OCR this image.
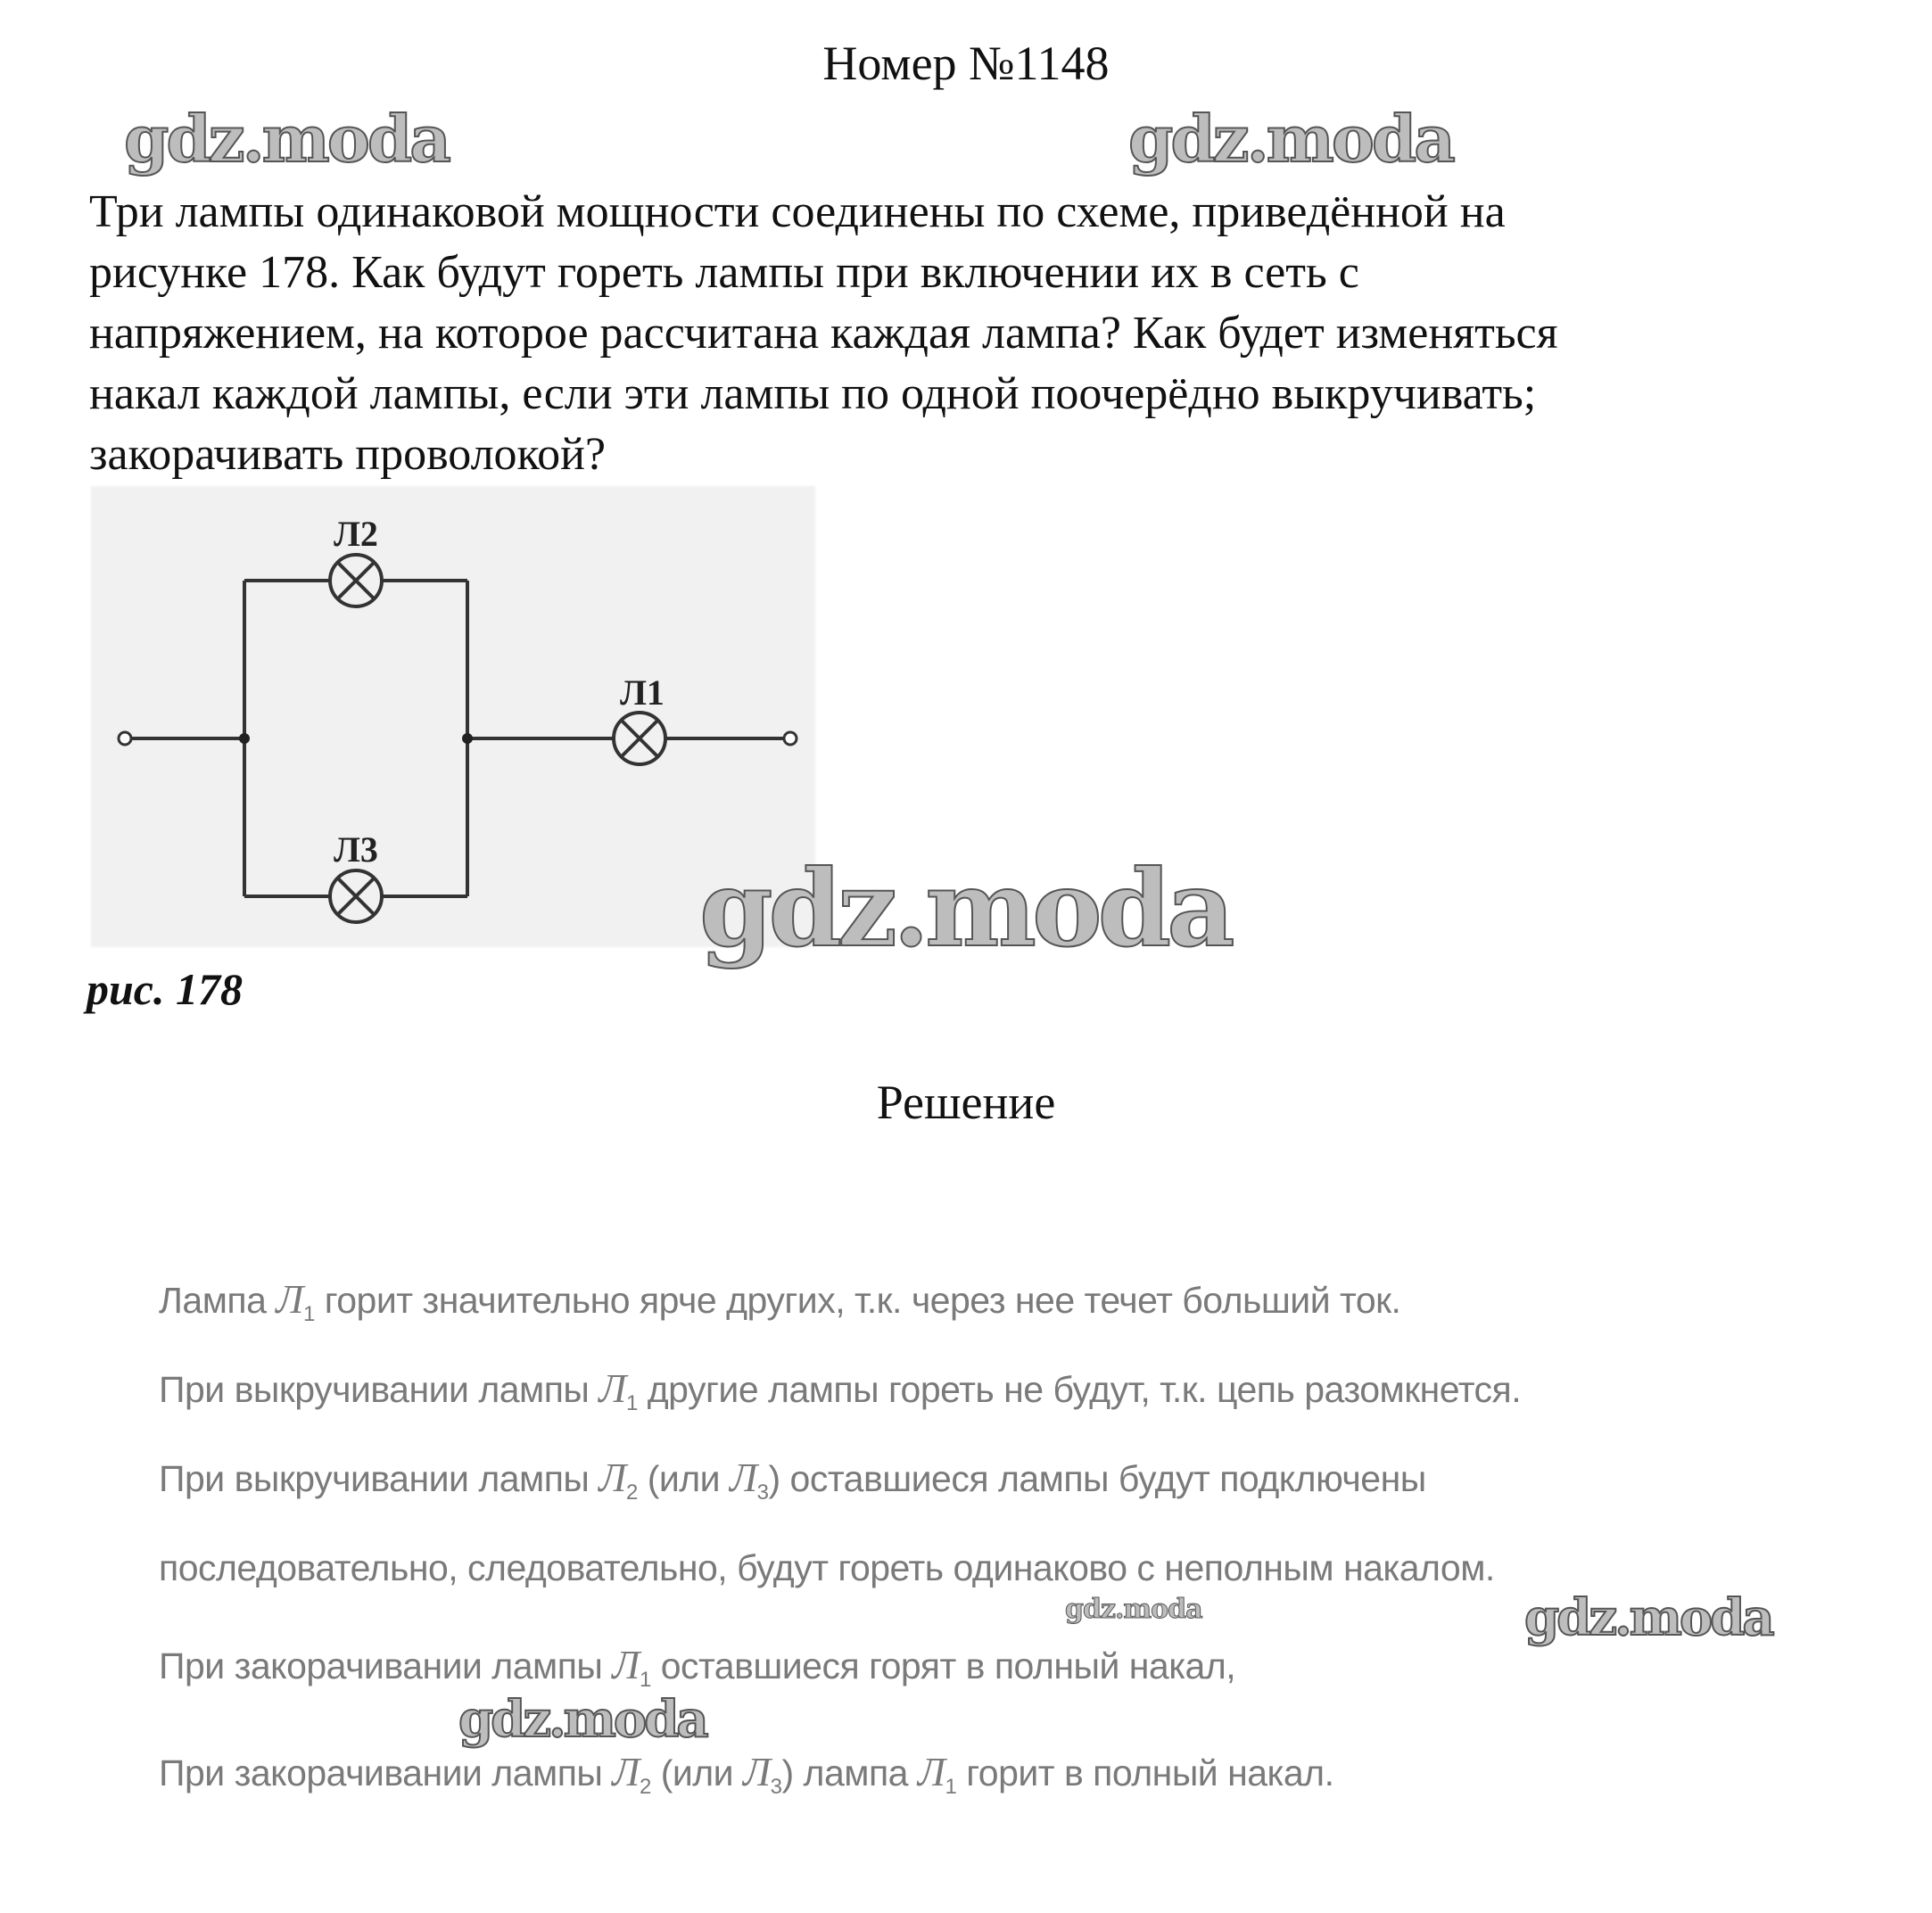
Номер №1148
Три лампы одинаковой мощности соединены по схеме, приведённой на
рисунке 178. Как будут гореть лампы при включении их в сеть с
напряжением, на которое рассчитана каждая лампа? Как будет изменяться
накал каждой лампы, если эти лампы по одной поочерёдно выкручивать;
закорачивать проволокой?
Л2
Л1
Л3
рис. 178
Решение
Лампа $Л_1$ горит значительно ярче других, т.к. через нее течет больший ток.
При выкручивании лампы $Л_1$ другие лампы гореть не будут, т.к. цепь разомкнется.
При выкручивании лампы $Л_2$ (или $Л_3$) оставшиеся лампы будут подключены
последовательно, следовательно, будут гореть одинаково с неполным накалом.
При закорачивании лампы $Л_1$ оставшиеся горят в полный накал,
При закорачивании лампы $Л_2$ (или $Л_3$) лампа $Л_1$ горит в полный накал.
gdz.moda	gdz.moda
gdz.moda
gdz.moda	gdz.moda
gdz.moda
